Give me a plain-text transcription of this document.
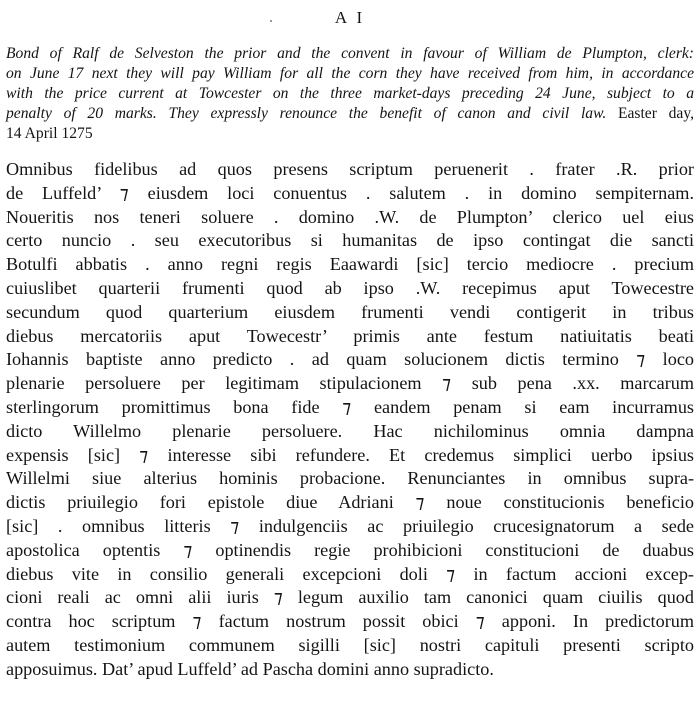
A I
Bond of Ralf de Selveston the prior and the convent in favour of William de Plumpton, clerk:
on June 17 next they will pay William for all the corn they have received from him, in accordance
with the price current at Towcester on the three market-days preceding 24 June, subject to a
penalty of 20 marks. They expressly renounce the benefit of canon and civil law. Easter day,
14 April 1275
Omnibus fidelibus ad quos presens scriptum peruenerit . frater .R. prior
de Luffeld’ ⁊ eiusdem loci conuentus . salutem . in domino sempiternam.
Noueritis nos teneri soluere . domino .W. de Plumpton’ clerico uel eius
certo nuncio . seu executoribus si humanitas de ipso contingat die sancti
Botulfi abbatis . anno regni regis Eaawardi [sic] tercio mediocre . precium
cuiuslibet quarterii frumenti quod ab ipso .W. recepimus aput Towecestre
secundum quod quarterium eiusdem frumenti vendi contigerit in tribus
diebus mercatoriis aput Towecestr’ primis ante festum natiuitatis beati
Iohannis baptiste anno predicto . ad quam solucionem dictis termino ⁊ loco
plenarie persoluere per legitimam stipulacionem ⁊ sub pena .xx. marcarum
sterlingorum promittimus bona fide ⁊ eandem penam si eam incurramus
dicto Willelmo plenarie persoluere. Hac nichilominus omnia dampna
expensis [sic] ⁊ interesse sibi refundere. Et credemus simplici uerbo ipsius
Willelmi siue alterius hominis probacione. Renunciantes in omnibus supra-
dictis priuilegio fori epistole diue Adriani ⁊ noue constitucionis beneficio
[sic] . omnibus litteris ⁊ indulgenciis ac priuilegio crucesignatorum a sede
apostolica optentis ⁊ optinendis regie prohibicioni constitucioni de duabus
diebus vite in consilio generali excepcioni doli ⁊ in factum accioni excep-
cioni reali ac omni alii iuris ⁊ legum auxilio tam canonici quam ciuilis quod
contra hoc scriptum ⁊ factum nostrum possit obici ⁊ apponi. In predictorum
autem testimonium communem sigilli [sic] nostri capituli presenti scripto
apposuimus. Dat’ apud Luffeld’ ad Pascha domini anno supradicto.
